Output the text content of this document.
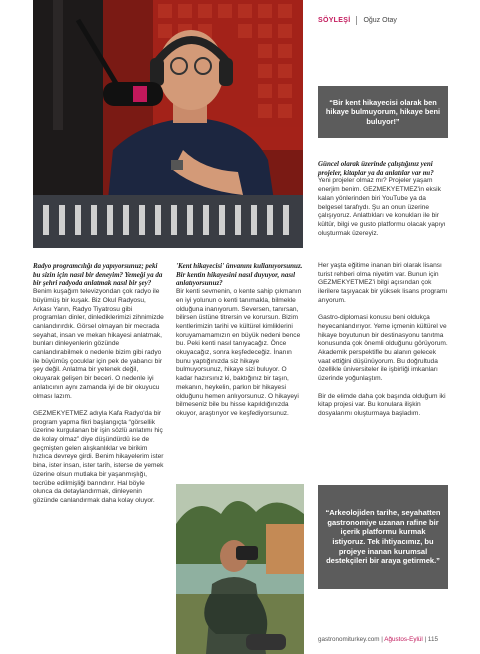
SÖYLEŞİ Oğuz Otay
“Bir kent hikayecisi olarak ben hikaye bulmuyorum, hikaye beni buluyor!”

Güncel olarak üzerinde çalıştığınız yeni projeler, kitaplar ya da anlatılar var mı?

Yeni projeler olmaz mı? Projeler yaşam enerjim benim. GEZMEKYETMEZ'in eksik kalan yönlerinden biri YouTube ya da belgesel tarafıydı. Şu an onun üzerine çalışıyoruz. Anlattıkları ve konukları ile bir kültür, bilgi ve gusto platformu olacak yapıyı oluşturmak üzereyiz.

Radyo programcılığı da yapıyorsunuz; peki bu sizin için nasıl bir deneyim? Yemeği ya da bir şehri radyoda anlatmak nasıl bir şey?

Benim kuşağım televizyondan çok radyo ile büyümüş bir kuşak. Biz Okul Radyosu, Arkası Yarın, Radyo Tiyatrosu gibi programları dinler, dinlediklerimizi zihnimizde canlandırırdık. Görsel olmayan bir mecrada seyahat, insan ve mekan hikayesi anlatmak, bunları dinleyenlerin gözünde canlandırabilmek o nedenle bizim gibi radyo ile büyümüş çocuklar için pek de yabancı bir şey değil. Anlatma bir yetenek değil, okuyarak gelişen bir beceri. O nedenle iyi anlatıcının aynı zamanda iyi de bir okuyucu olması lazım.

GEZMEKYETMEZ adıyla Kafa Radyo'da bir program yapma fikri başlangıçta “görsellik üzerine kurgulanan bir işin sözlü anlatımı hiç de kolay olmaz” diye düşündürdü ise de geçmişten gelen alışkanlıklar ve birikim hızlıca devreye girdi. Benim hikayelerim ister bina, ister insan, ister tarih, isterse de yemek üzerine olsun mutlaka bir yaşanmışlığı, tecrübe edilmişliği barındırır. Hal böyle olunca da detaylandırmak, dinleyenin gözünde canlandırmak daha kolay oluyor.

'Kent hikayecisi' ünvanını kullanıyorsunuz. Bir kentin hikayesini nasıl duyuyor, nasıl anlatıyorsunuz?

Bir kenti sevmenin, o kente sahip çıkmanın en iyi yolunun o kenti tanımakla, bilmekle olduğuna inanıyorum. Seversen, tanırsan, bilirsen üstüne titrersin ve korursun. Bizim kentlerimizin tarihi ve kültürel kimliklerini koruyamamamızın en büyük nedeni bence bu. Peki kenti nasıl tanıyacağız. Önce okuyacağız, sonra keşfedeceğiz. İnanın bunu yaptığınızda siz hikaye bulmuyorsunuz, hikaye sizi buluyor. O kadar hazırsınız ki, baktığınız bir taşın, mekanın, heykelin, parkın bir hikayesi olduğunu hemen anlıyorsunuz. O hikayeyi bilmeseniz bile bu hisse kapıldığınızda okuyor, araştırıyor ve keşfediyorsunuz.

Her yaşta eğitime inanan biri olarak lisansı turist rehberi olma niyetim var. Bunun için GEZMEKYETMEZ'i bilgi açısından çok ilerilere taşıyacak bir yüksek lisans programı arıyorum.

Gastro-diplomasi konusu beni oldukça heyecanlandırıyor. Yeme içmenin kültürel ve hikaye boyutunun bir destinasyonu tanıtma konusunda çok önemli olduğunu görüyorum. Akademik perspektifle bu alanın gelecek vaat ettiğini düşünüyorum. Bu doğrultuda özellikle üniversiteler ile işbirliği imkanları üzerinde yoğunlaştım.

Bir de elimde daha çok başında olduğum iki kitap projesi var. Bu konulara ilişkin dosyalarımı oluşturmaya başladım.

“Arkeolojiden tarihe, seyahatten gastronomiye uzanan rafine bir içerik platformu kurmak istiyoruz. Tek ihtiyacımız, bu projeye inanan kurumsal destekçileri bir araya getirmek.”
gastronomiturkey.com | Ağustos-Eylül | 115
